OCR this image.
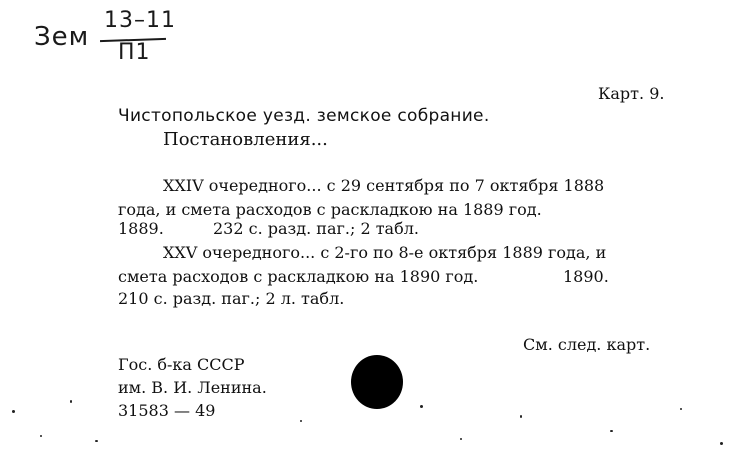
Зем
13–11
П1
Карт. 9.
Чистопольское уезд. земское собрание.
Постановления...
XXIV очередного... с 29 сентября по 7 октября 1888
года, и смета расходов с раскладкою на 1889 год.
1889.	232 с. разд. паг.; 2 табл.
XXV очередного... с 2-го по 8-е октября 1889 года, и
смета расходов с раскладкою на 1890 год.	1890.
210 с. разд. паг.; 2 л. табл.
См. след. карт.
Гос. б-ка СССР
им. В. И. Ленина.
31583 — 49
